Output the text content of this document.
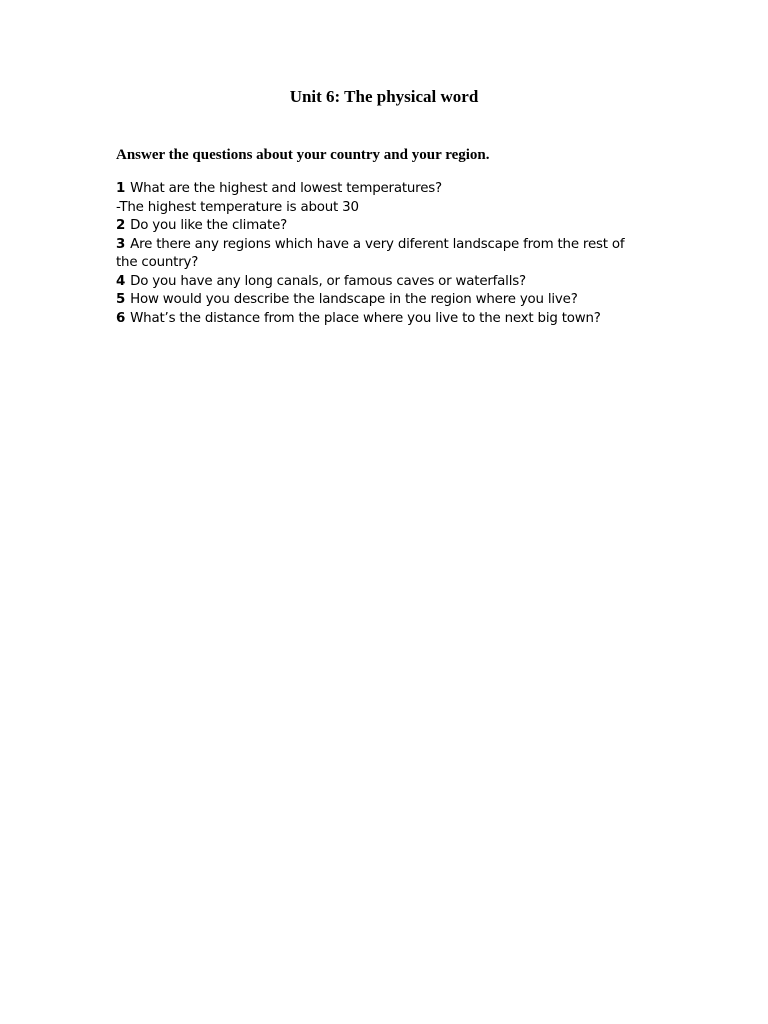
Unit 6: The physical word

Answer the questions about your country and your region.

1 What are the highest and lowest temperatures?
-The highest temperature is about 30
2 Do you like the climate?
3 Are there any regions which have a very diferent landscape from the rest of the country?
4 Do you have any long canals, or famous caves or waterfalls?
5 How would you describe the landscape in the region where you live?
6 What’s the distance from the place where you live to the next big town?
